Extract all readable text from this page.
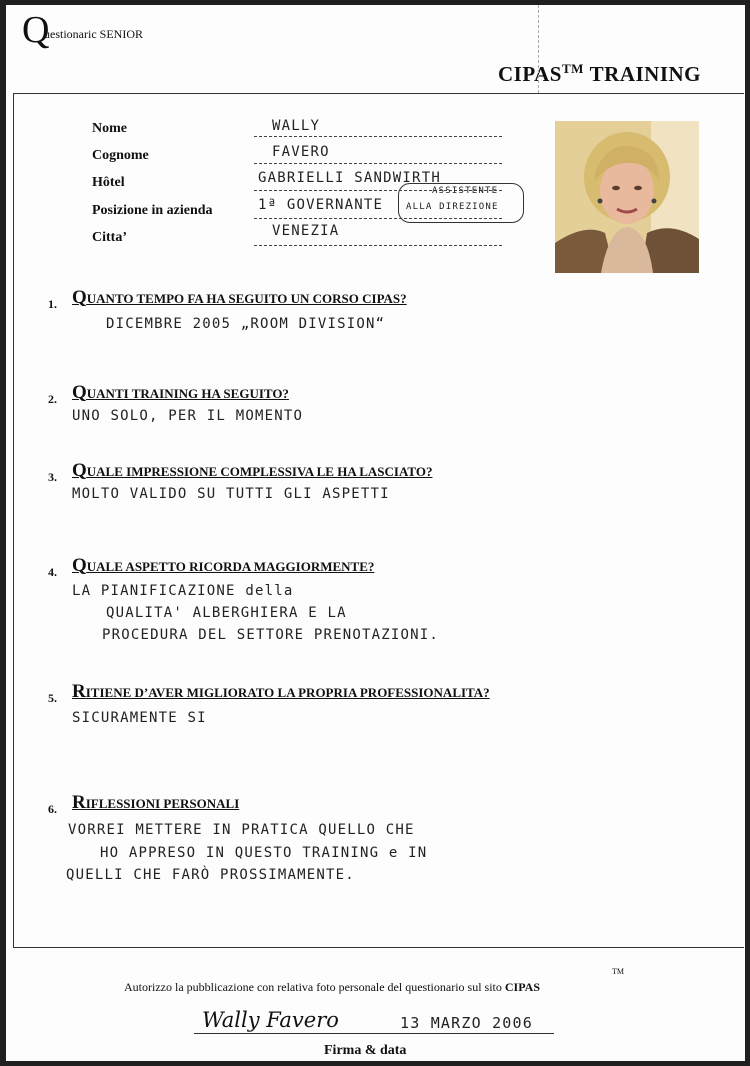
Q
uestionaric SENIOR
CIPAS™ TRAINING
Nome	WALLY
Cognome	FAVERO
Hôtel	GABRIELLI SANDWIRTH
Posizione in azienda	1ª GOVERNANTE
ASSISTENTE
ALLA DIREZIONE
Citta’	VENEZIA
1. QUANTO TEMPO FA HA SEGUITO UN CORSO CIPAS?
DICEMBRE 2005 „ROOM DIVISION“
2. QUANTI TRAINING HA SEGUITO?
UNO SOLO, PER IL MOMENTO
3. QUALE IMPRESSIONE COMPLESSIVA LE HA LASCIATO?
MOLTO VALIDO SU TUTTI GLI ASPETTI
4. QUALE ASPETTO RICORDA MAGGIORMENTE?
LA PIANIFICAZIONE della
QUALITA' ALBERGHIERA E LA
PROCEDURA DEL SETTORE PRENOTAZIONI.
5. RITIENE D’AVER MIGLIORATO LA PROPRIA PROFESSIONALITA?
SICURAMENTE SI
6. RIFLESSIONI PERSONALI
VORREI METTERE IN PRATICA QUELLO CHE
HO APPRESO IN QUESTO TRAINING e IN
QUELLI CHE FARÒ PROSSIMAMENTE.
Autorizzo la pubblicazione con relativa foto personale del questionario sul sito CIPAS
TM
Wally Favero	13 MARZO 2006
Firma & data
